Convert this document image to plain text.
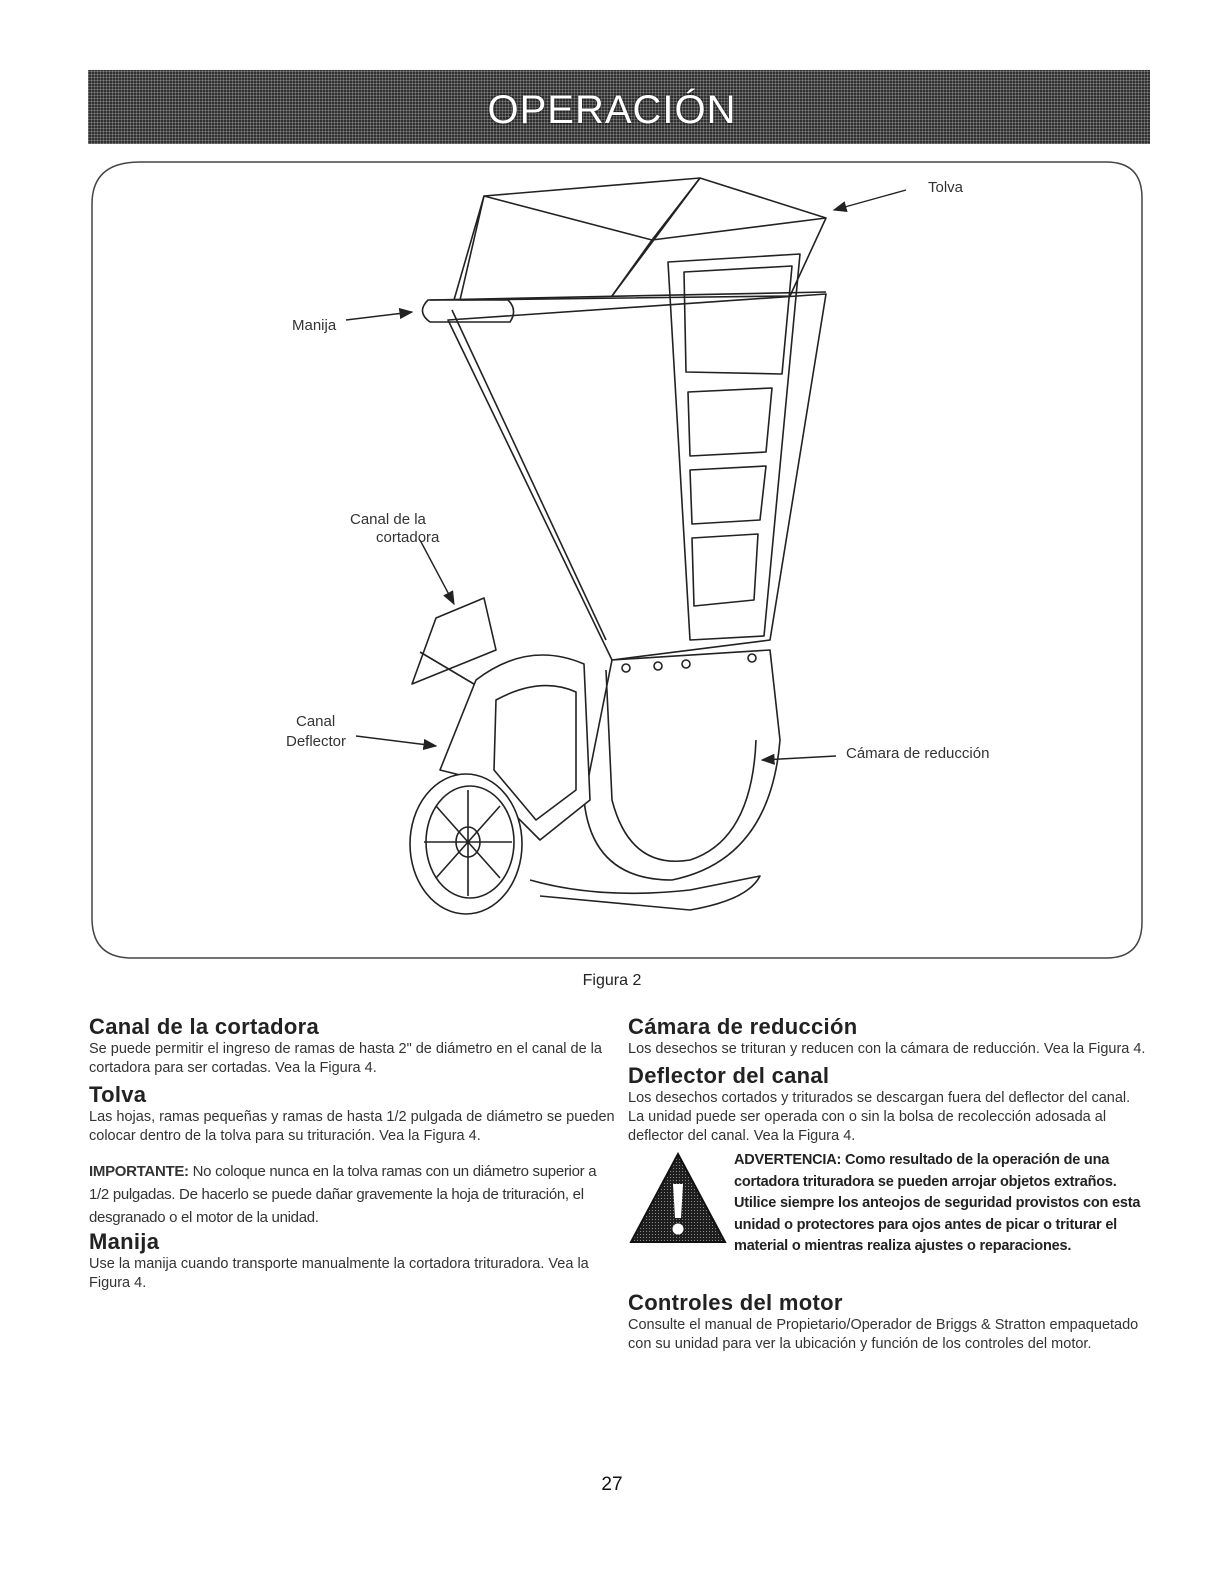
OPERACIÓN
Tolva
Manija
Canal de la
cortadora
Canal
Deflector
Cámara de reducción
Figura 2
Canal de la cortadora

Se puede permitir el ingreso de ramas de hasta 2" de diámetro en el canal de la cortadora para ser cortadas. Vea la Figura 4.

Tolva

Las hojas, ramas pequeñas y ramas de hasta 1/2 pulgada de diámetro se pueden colocar dentro de la tolva para su trituración. Vea la Figura 4.

IMPORTANTE: No coloque nunca en la tolva ramas con un diámetro superior a 1/2 pulgadas. De hacerlo se puede dañar gravemente la hoja de trituración, el desgranado o el motor de la unidad.
Manija

Use la manija cuando transporte manualmente la cortadora trituradora. Vea la Figura 4.

Cámara de reducción

Los desechos se trituran y reducen con la cámara de reducción. Vea la Figura 4.

Deflector del canal

Los desechos cortados y triturados se descargan fuera del deflector del canal. La unidad puede ser operada con o sin la bolsa de recolección adosada al deflector del canal. Vea la Figura 4.

ADVERTENCIA: Como resultado de la operación de una cortadora trituradora se pueden arrojar objetos extraños. Utilice siempre los anteojos de seguridad provistos con esta unidad o protectores para ojos antes de picar o triturar el material o mientras realiza ajustes o reparaciones.
Controles del motor

Consulte el manual de Propietario/Operador de Briggs & Stratton empaquetado con su unidad para ver la ubicación y función de los controles del motor.

27
